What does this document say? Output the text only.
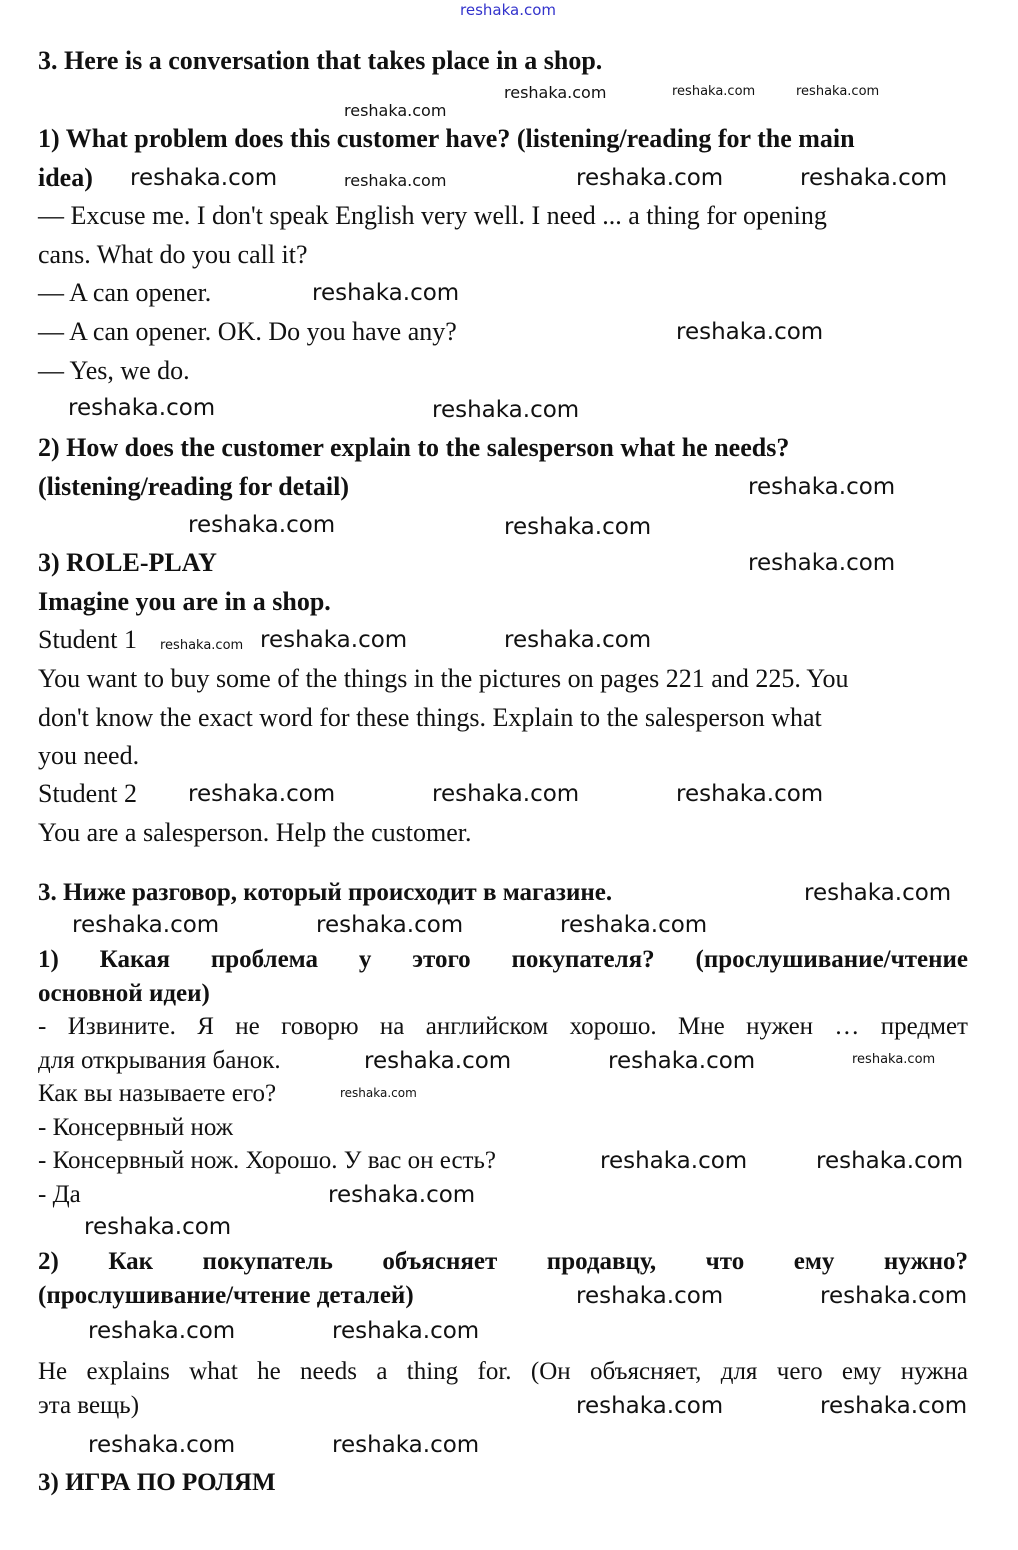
reshaka.com
3. Here is a conversation that takes place in a shop.
1) What problem does this customer have? (listening/reading for the main
idea)
— Excuse me. I don't speak English very well. I need ... a thing for opening
cans. What do you call it?
— A can opener.
— A can opener. OK. Do you have any?
— Yes, we do.
2) How does the customer explain to the salesperson what he needs?
(listening/reading for detail)
3) ROLE-PLAY
Imagine you are in a shop.
Student 1
You want to buy some of the things in the pictures on pages 221 and 225. You
don't know the exact word for these things. Explain to the salesperson what
you need.
Student 2
You are a salesperson. Help the customer.
3. Ниже разговор, который происходит в магазине.
1) Какая проблема у этого покупателя? (прослушивание/чтение
основной идеи)
- Извините. Я не говорю на английском хорошо. Мне нужен … предмет
для открывания банок.
Как вы называете его?
- Консервный нож
- Консервный нож. Хорошо. У вас он есть?
- Да
2) Как покупатель объясняет продавцу, что ему нужно?
(прослушивание/чтение деталей)
He explains what he needs a thing for. (Он объясняет, для чего ему нужна
эта вещь)
3) ИГРА ПО РОЛЯМ
reshaka.com	reshaka.com	reshaka.com
reshaka.com
reshaka.com
reshaka.com
reshaka.com
reshaka.com
reshaka.com	reshaka.com	reshaka.com
reshaka.com
reshaka.com
reshaka.com	reshaka.com
reshaka.com
reshaka.com	reshaka.com
reshaka.com
reshaka.com	reshaka.com
reshaka.com	reshaka.com	reshaka.com
reshaka.com	reshaka.com
reshaka.com
reshaka.com
reshaka.com	reshaka.com
reshaka.com	reshaka.com
reshaka.com
reshaka.com
reshaka.com	reshaka.com
reshaka.com	reshaka.com
reshaka.com	reshaka.com
reshaka.com	reshaka.com
